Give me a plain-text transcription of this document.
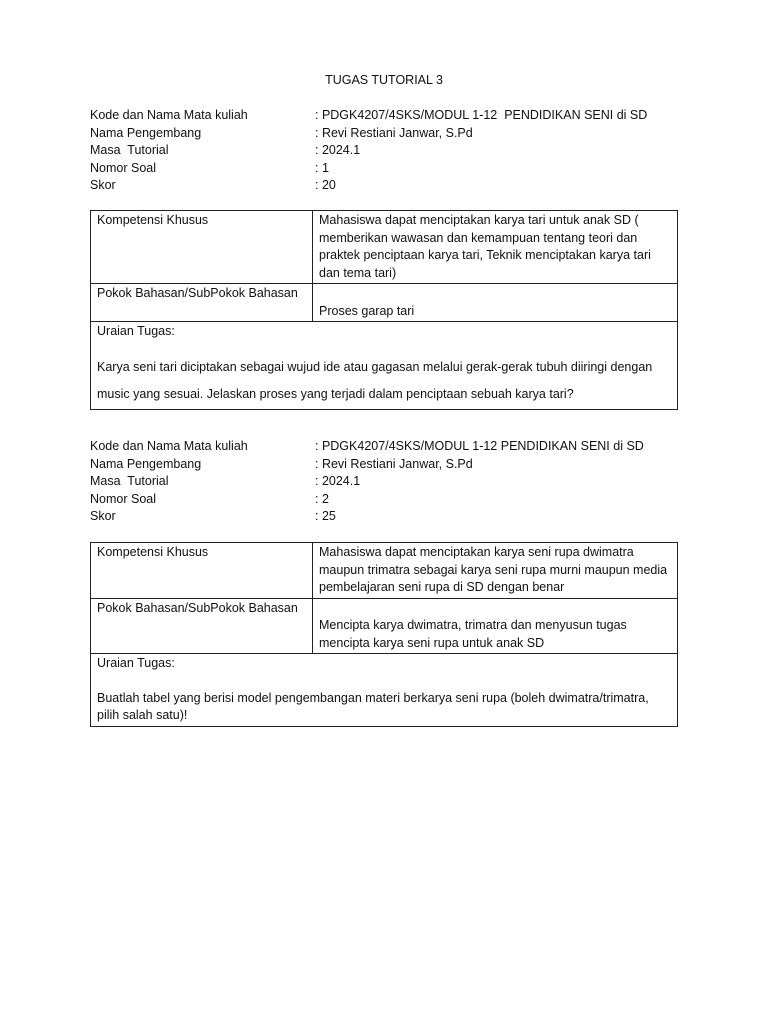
TUGAS TUTORIAL 3
Kode dan Nama Mata kuliah	: PDGK4207/4SKS/MODUL 1-12  PENDIDIKAN SENI di SD
Nama Pengembang	: Revi Restiani Janwar, S.Pd
Masa  Tutorial	: 2024.1
Nomor Soal	: 1
Skor	: 20
Kompetensi Khusus	Mahasiswa dapat menciptakan karya tari untuk anak SD ( memberikan wawasan dan kemampuan tentang teori dan praktek penciptaan karya tari, Teknik menciptakan karya tari dan tema tari)
Pokok Bahasan/SubPokok Bahasan	Proses garap tari

Uraian Tugas:
Karya seni tari diciptakan sebagai wujud ide atau gagasan melalui gerak-gerak tubuh diiringi dengan music yang sesuai. Jelaskan proses yang terjadi dalam penciptaan sebuah karya tari?	
Kode dan Nama Mata kuliah	: PDGK4207/4SKS/MODUL 1-12 PENDIDIKAN SENI di SD
Nama Pengembang	: Revi Restiani Janwar, S.Pd
Masa  Tutorial	: 2024.1
Nomor Soal	: 2
Skor	: 25
Kompetensi Khusus	Mahasiswa dapat menciptakan karya seni rupa dwimatra maupun trimatra sebagai karya seni rupa murni maupun media pembelajaran seni rupa di SD dengan benar
Pokok Bahasan/SubPokok Bahasan	Mencipta karya dwimatra, trimatra dan menyusun tugas mencipta karya seni rupa untuk anak SD

Uraian Tugas:
Buatlah tabel yang berisi model pengembangan materi berkarya seni rupa (boleh dwimatra/trimatra, pilih salah satu)!	
